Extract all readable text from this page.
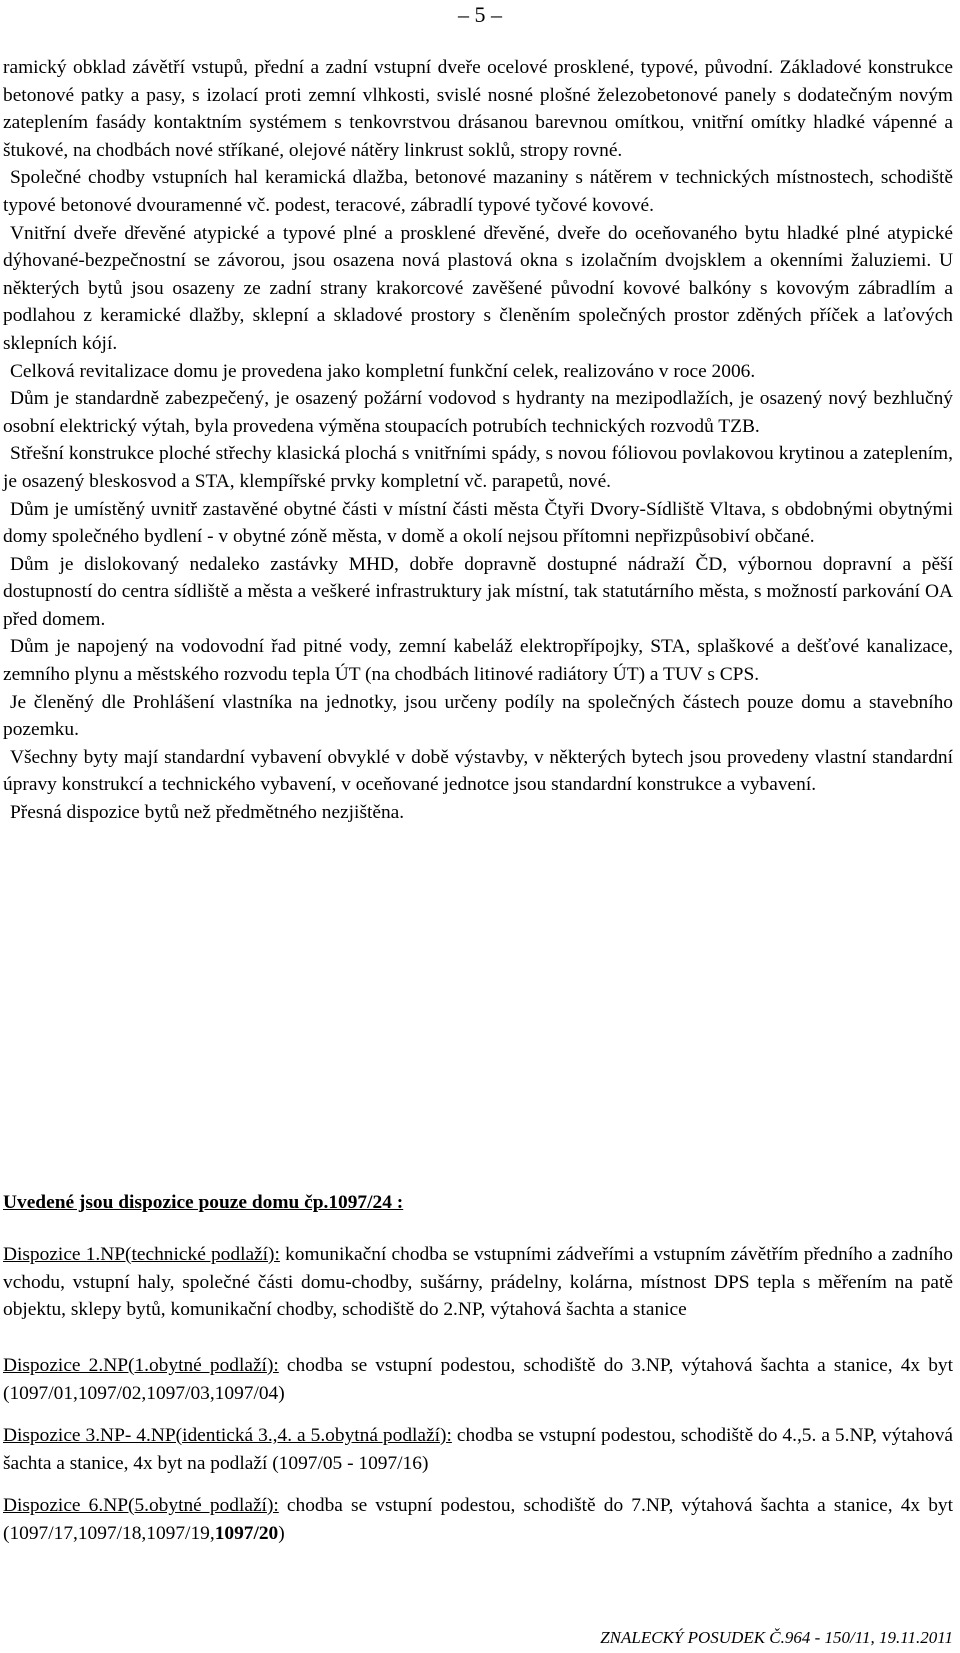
– 5 –

ramický obklad závětří vstupů, přední a zadní vstupní dveře ocelové prosklené, typové, původní. Základové konstrukce betonové patky a pasy, s izolací proti zemní vlhkosti, svislé nosné plošné železobetonové panely s dodatečným novým zateplením fasády kontaktním systémem s tenkovrstvou drásanou barevnou omítkou, vnitřní omítky hladké vápenné a štukové, na chodbách nové stříkané, olejové nátěry linkrust soklů, stropy rovné.

Společné chodby vstupních hal keramická dlažba, betonové mazaniny s nátěrem v technických místnostech, schodiště typové betonové dvouramenné vč. podest, teracové, zábradlí typové tyčové kovové.

Vnitřní dveře dřevěné atypické a typové plné a prosklené dřevěné, dveře do oceňovaného bytu hladké plné atypické dýhované-bezpečnostní se závorou, jsou osazena nová plastová okna s izolačním dvojsklem a okenními žaluziemi. U některých bytů jsou osazeny ze zadní strany krakorcové zavěšené původní kovové balkóny s kovovým zábradlím a podlahou z keramické dlažby, sklepní a skladové prostory s členěním společných prostor zděných příček a laťových sklepních kójí.

Celková revitalizace domu je provedena jako kompletní funkční celek, realizováno v roce 2006.

Dům je standardně zabezpečený, je osazený požární vodovod s hydranty na mezipodlažích, je osazený nový bezhlučný osobní elektrický výtah, byla provedena výměna stoupacích potrubích technických rozvodů TZB.

Střešní konstrukce ploché střechy klasická plochá s vnitřními spády, s novou fóliovou povlakovou krytinou a zateplením, je osazený bleskosvod a STA, klempířské prvky kompletní vč. parapetů, nové.

Dům je umístěný uvnitř zastavěné obytné části v místní části města Čtyři Dvory-Sídliště Vltava, s obdobnými obytnými domy společného bydlení - v obytné zóně města, v domě a okolí nejsou přítomni nepřizpůsobiví občané.

Dům je dislokovaný nedaleko zastávky MHD, dobře dopravně dostupné nádraží ČD, výbornou dopravní a pěší dostupností do centra sídliště a města a veškeré infrastruktury jak místní, tak statutárního města, s možností parkování OA před domem.

Dům je napojený na vodovodní řad pitné vody, zemní kabeláž elektropřípojky, STA, splaškové a dešťové kanalizace, zemního plynu a městského rozvodu tepla ÚT (na chodbách litinové radiátory ÚT) a TUV s CPS.

Je členěný dle Prohlášení vlastníka na jednotky, jsou určeny podíly na společných částech pouze domu a stavebního pozemku.

Všechny byty mají standardní vybavení obvyklé v době výstavby, v některých bytech jsou provedeny vlastní standardní úpravy konstrukcí a technického vybavení, v oceňované jednotce jsou standardní konstrukce a vybavení.

Přesná dispozice bytů než předmětného nezjištěna.

Uvedené jsou dispozice pouze domu čp.1097/24 :

Dispozice 1.NP(technické podlaží): komunikační chodba se vstupními zádveřími a vstupním závětřím předního a zadního vchodu, vstupní haly, společné části domu-chodby, sušárny, prádelny, kolárna, místnost DPS tepla s měřením na patě objektu, sklepy bytů, komunikační chodby, schodiště do 2.NP, výtahová šachta a stanice

Dispozice 2.NP(1.obytné podlaží): chodba se vstupní podestou, schodiště do 3.NP, výtahová šachta a stanice, 4x byt (1097/01,1097/02,1097/03,1097/04)

Dispozice 3.NP- 4.NP(identická 3.,4. a 5.obytná podlaží): chodba se vstupní podestou, schodiště do 4.,5. a 5.NP, výtahová šachta a stanice, 4x byt na podlaží (1097/05 - 1097/16)

Dispozice 6.NP(5.obytné podlaží): chodba se vstupní podestou, schodiště do 7.NP, výtahová šachta a stanice, 4x byt (1097/17,1097/18,1097/19,1097/20)

ZNALECKÝ POSUDEK Č.964 - 150/11, 19.11.2011
